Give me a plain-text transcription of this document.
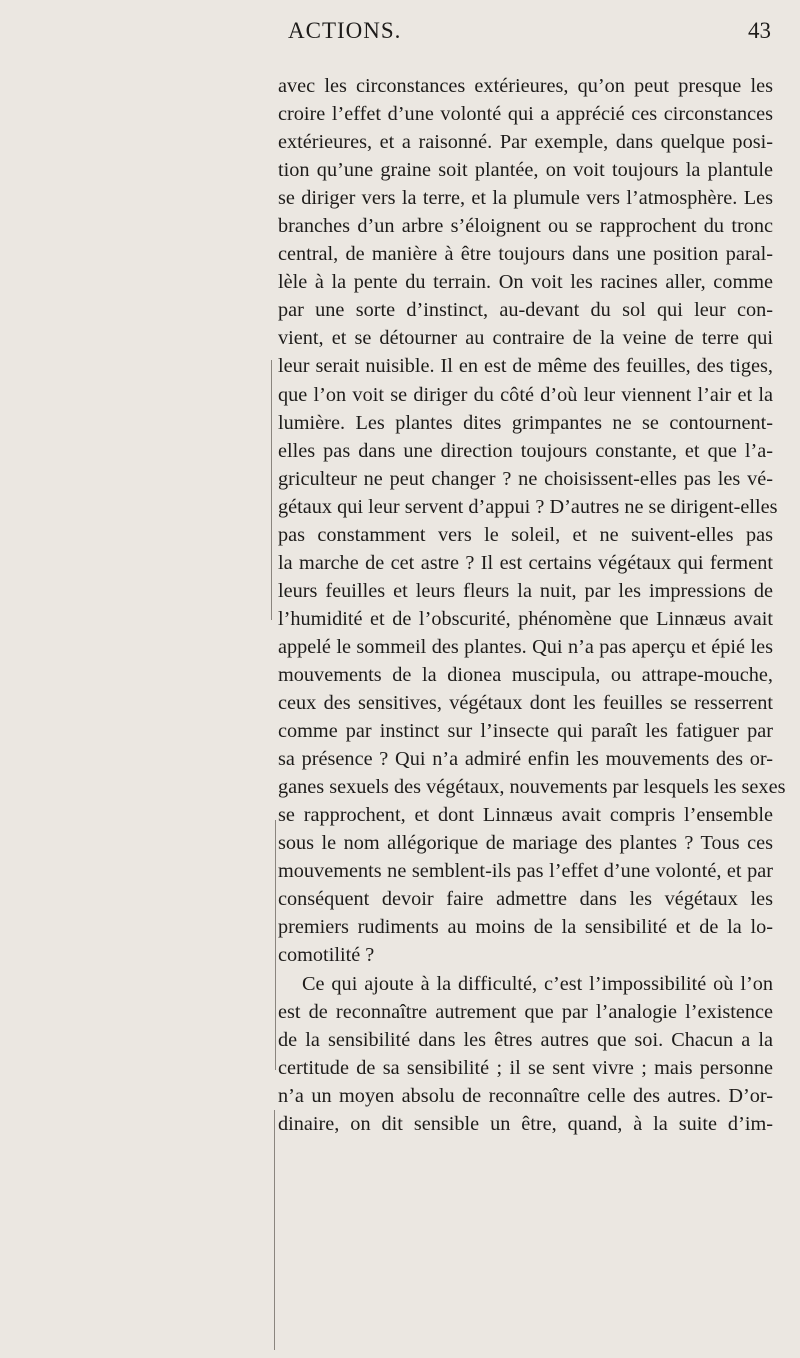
ACTIONS.	43
avec les circonstances extérieures, qu’on peut presque les
croire l’effet d’une volonté qui a apprécié ces circonstances
extérieures, et a raisonné. Par exemple, dans quelque posi-
tion qu’une graine soit plantée, on voit toujours la plantule
se diriger vers la terre, et la plumule vers l’atmosphère. Les
branches d’un arbre s’éloignent ou se rapprochent du tronc
central, de manière à être toujours dans une position paral-
lèle à la pente du terrain. On voit les racines aller, comme
par une sorte d’instinct, au-devant du sol qui leur con-
vient, et se détourner au contraire de la veine de terre qui
leur serait nuisible. Il en est de même des feuilles, des tiges,
que l’on voit se diriger du côté d’où leur viennent l’air et la
lumière. Les plantes dites grimpantes ne se contournent-
elles pas dans une direction toujours constante, et que l’a-
griculteur ne peut changer ? ne choisissent-elles pas les vé-
gétaux qui leur servent d’appui ? D’autres ne se dirigent-elles
pas constamment vers le soleil, et ne suivent-elles pas
la marche de cet astre ? Il est certains végétaux qui ferment
leurs feuilles et leurs fleurs la nuit, par les impressions de
l’humidité et de l’obscurité, phénomène que Linnæus avait
appelé le sommeil des plantes. Qui n’a pas aperçu et épié les
mouvements de la dionea muscipula, ou attrape-mouche,
ceux des sensitives, végétaux dont les feuilles se resserrent
comme par instinct sur l’insecte qui paraît les fatiguer par
sa présence ? Qui n’a admiré enfin les mouvements des or-
ganes sexuels des végétaux, nouvements par lesquels les sexes
se rapprochent, et dont Linnæus avait compris l’ensemble
sous le nom allégorique de mariage des plantes ? Tous ces
mouvements ne semblent-ils pas l’effet d’une volonté, et par
conséquent devoir faire admettre dans les végétaux les
premiers rudiments au moins de la sensibilité et de la lo-
comotilité ?
Ce qui ajoute à la difficulté, c’est l’impossibilité où l’on
est de reconnaître autrement que par l’analogie l’existence
de la sensibilité dans les êtres autres que soi. Chacun a la
certitude de sa sensibilité ; il se sent vivre ; mais personne
n’a un moyen absolu de reconnaître celle des autres. D’or-
dinaire, on dit sensible un être, quand, à la suite d’im-
